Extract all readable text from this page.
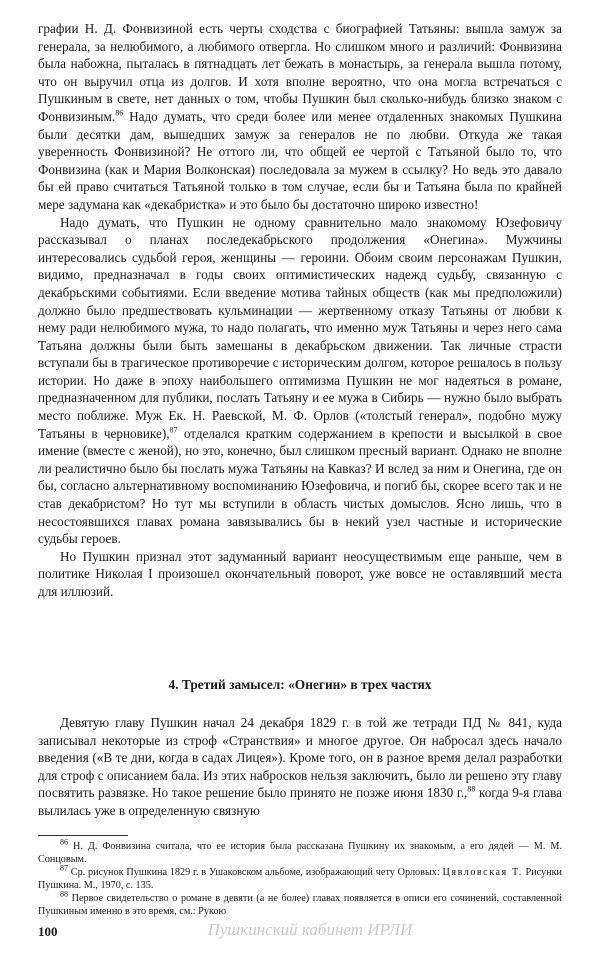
графии Н. Д. Фонвизиной есть черты сходства с биографией Татьяны: вышла замуж за генерала, за нелюбимого, а любимого отвергла. Но слишком много и различий: Фонвизина была набожна, пыталась в пятнадцать лет бежать в монастырь, за генерала вышла потому, что он выручил отца из долгов. И хотя вполне вероятно, что она могла встречаться с Пушкиным в свете, нет данных о том, чтобы Пушкин был сколько-нибудь близко знаком с Фонвизиным.$^{86}$ Надо думать, что среди более или менее отдаленных знакомых Пушкина были десятки дам, вышедших замуж за генералов не по любви. Откуда же такая уверенность Фонвизиной? Не оттого ли, что общей ее чертой с Татьяной было то, что Фонвизина (как и Мария Волконская) последовала за мужем в ссылку? Но ведь это давало бы ей право считаться Татьяной только в том случае, если бы и Татьяна была по крайней мере задумана как «декабристка» и это было бы достаточно широко известно!

Надо думать, что Пушкин не одному сравнительно мало знакомому Юзефовичу рассказывал о планах последекабрьского продолжения «Онегина». Мужчины интересовались судьбой героя, женщины — героини. Обоим своим персонажам Пушкин, видимо, предназначал в годы своих оптимистических надежд судьбу, связанную с декабрьскими событиями. Если введение мотива тайных обществ (как мы предположили) должно было предшествовать кульминации — жертвенному отказу Татьяны от любви к нему ради нелюбимого мужа, то надо полагать, что именно муж Татьяны и через него сама Татьяна должны были быть замешаны в декабрьском движении. Так личные страсти вступали бы в трагическое противоречие с историческим долгом, которое решалось в пользу истории. Но даже в эпоху наибольшего оптимизма Пушкин не мог надеяться в романе, предназначенном для публики, послать Татьяну и ее мужа в Сибирь — нужно было выбрать место поближе. Муж Ек. Н. Раевской, М. Ф. Орлов («толстый генерал», подобно мужу Татьяны в черновике),$^{87}$ отделался кратким содержанием в крепости и высылкой в свое имение (вместе с женой), но это, конечно, был слишком пресный вариант. Однако не вполне ли реалистично было бы послать мужа Татьяны на Кавказ? И вслед за ним и Онегина, где он бы, согласно альтернативному воспоминанию Юзефовича, и погиб бы, скорее всего так и не став декабристом? Но тут мы вступили в область чистых домыслов. Ясно лишь, что в несостоявшихся главах романа завязывались бы в некий узел частные и исторические судьбы героев.

Но Пушкин признал этот задуманный вариант неосуществимым еще раньше, чем в политике Николая I произошел окончательный поворот, уже вовсе не оставлявший места для иллюзий.

4. Третий замысел: «Онегин» в трех частях

Девятую главу Пушкин начал 24 декабря 1829 г. в той же тетради ПД № 841, куда записывал некоторые из строф «Странствия» и многое другое. Он набросал здесь начало введения («В те дни, когда в садах Лицея»). Кроме того, он в разное время делал разработки для строф с описанием бала. Из этих набросков нельзя заключить, было ли решено эту главу посвятить развязке. Но такое решение было принято не позже июня 1830 г.,$^{88}$ когда 9-я глава вылилась уже в определенную связную

$^{86}$ Н. Д. Фонвизина считала, что ее история была рассказана Пушкину их знакомым, а его дядей — М. М. Сонцовым.

$^{87}$ Ср. рисунок Пушкина 1829 г. в Ушаковском альбоме, изображающий чету Орловых: Цявловская Т. Рисунки Пушкина. М., 1970, с. 135.

$^{88}$ Первое свидетельство о романе в девяти (а не более) главах появляется в описи его сочинений, составленной Пушкиным именно в это время, см.: Рукою

100	Пушкинский кабинет ИРЛИ
